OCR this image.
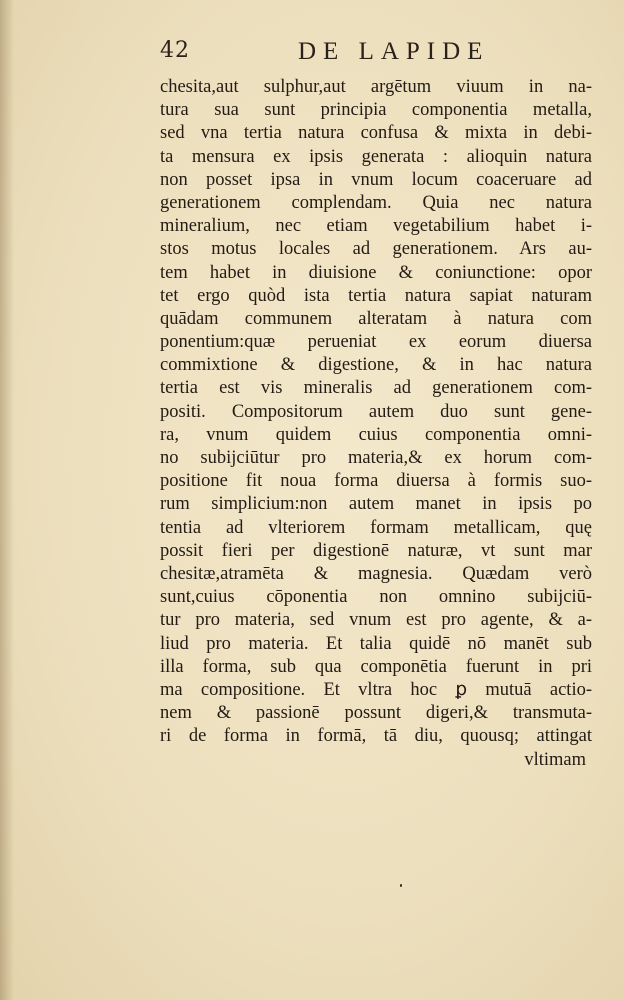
42	DE LAPIDE
chesita,aut sulphur,aut argētum viuum in na-
tura sua sunt principia componentia metalla,
sed vna tertia natura confusa & mixta in debi-
ta mensura ex ipsis generata : alioquin natura
non posset ipsa in vnum locum coaceruare ad
generationem complendam. Quia nec natura
mineralium, nec etiam vegetabilium habet i-
stos motus locales ad generationem. Ars au-
tem habet in diuisione & coniunctione: opor
tet ergo quòd ista tertia natura sapiat naturam
quādam communem alteratam à natura com
ponentium:quæ perueniat ex eorum diuersa
commixtione & digestione, & in hac natura
tertia est vis mineralis ad generationem com-
positi. Compositorum autem duo sunt gene-
ra, vnum quidem cuius componentia omni-
no subijciūtur pro materia,& ex horum com-
positione fit noua forma diuersa à formis suo-
rum simplicium:non autem manet in ipsis po
tentia ad vlteriorem formam metallicam, quę
possit fieri per digestionē naturæ, vt sunt mar
chesitæ,atramēta & magnesia. Quædam verò
sunt,cuius cōponentia non omnino subijciū-
tur pro materia, sed vnum est pro agente, & a-
liud pro materia. Et talia quidē nō manēt sub
illa forma, sub qua componētia fuerunt in pri
ma compositione. Et vltra hoc ꝑ mutuā actio-
nem & passionē possunt digeri,& transmuta-
ri de forma in formā, tā diu, quousq; attingat
vltimam
